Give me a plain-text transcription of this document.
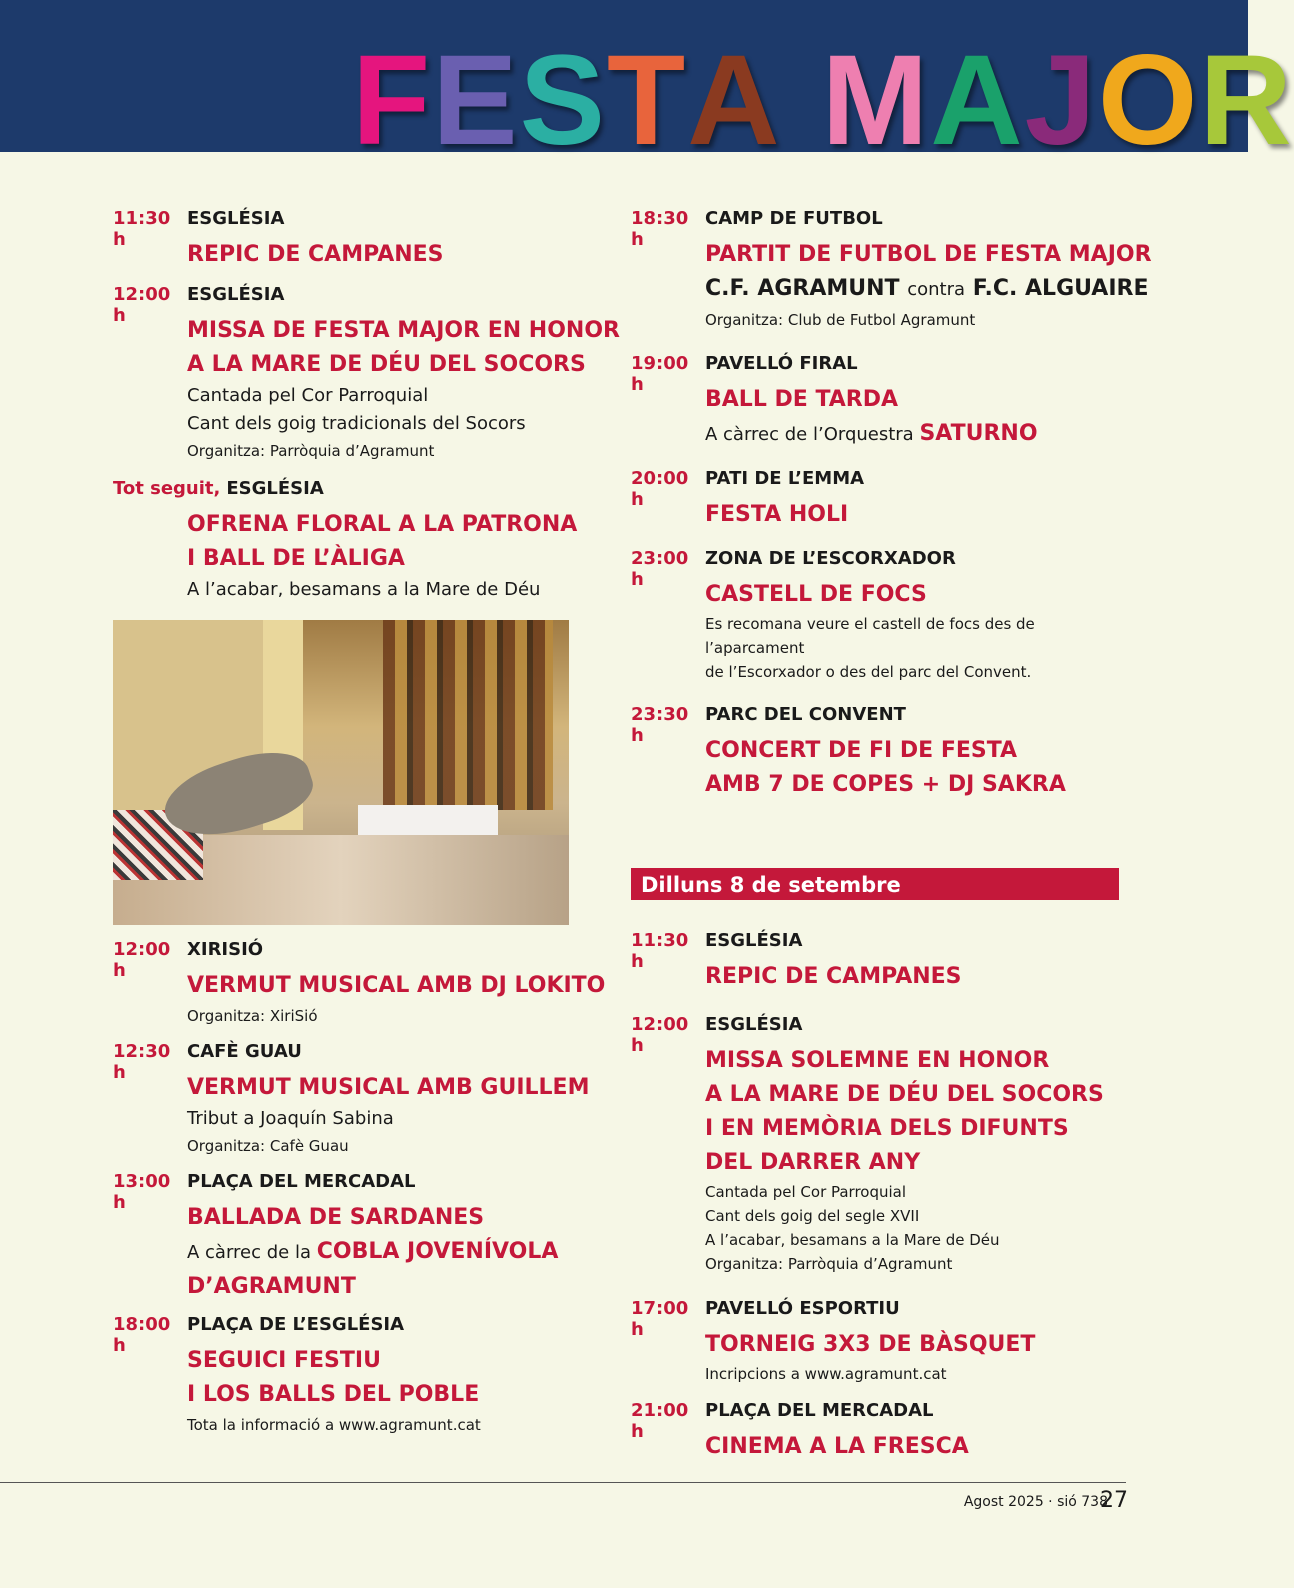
F E S T A M A J O R
11:30 h
ESGLÉSIA
REPIC DE CAMPANES
12:00 h
ESGLÉSIA
MISSA DE FESTA MAJOR EN HONOR
A LA MARE DE DÉU DEL SOCORS
Cantada pel Cor Parroquial
Cant dels goig tradicionals del Socors
Organitza: Parròquia d’Agramunt
Tot seguit, ESGLÉSIA
OFRENA FLORAL A LA PATRONA
I BALL DE L’ÀLIGA
A l’acabar, besamans a la Mare de Déu
12:00 h
XIRISIÓ
VERMUT MUSICAL AMB DJ LOKITO
Organitza: XiriSió
12:30 h
CAFÈ GUAU
VERMUT MUSICAL AMB GUILLEM
Tribut a Joaquín Sabina
Organitza: Cafè Guau
13:00 h
PLAÇA DEL MERCADAL
BALLADA DE SARDANES
A càrrec de la COBLA JOVENÍVOLA
D’AGRAMUNT
18:00 h
PLAÇA DE L’ESGLÉSIA
SEGUICI FESTIU
I LOS BALLS DEL POBLE
Tota la informació a www.agramunt.cat
18:30 h
CAMP DE FUTBOL
PARTIT DE FUTBOL DE FESTA MAJOR
C.F. AGRAMUNT contra F.C. ALGUAIRE
Organitza: Club de Futbol Agramunt
19:00 h
PAVELLÓ FIRAL
BALL DE TARDA
A càrrec de l’Orquestra SATURNO
20:00 h
PATI DE L’EMMA
FESTA HOLI
23:00 h
ZONA DE L’ESCORXADOR
CASTELL DE FOCS
Es recomana veure el castell de focs des de l’aparcament
de l’Escorxador o des del parc del Convent.
23:30 h
PARC DEL CONVENT
CONCERT DE FI DE FESTA
AMB 7 DE COPES + DJ SAKRA
Dilluns 8 de setembre
11:30 h
ESGLÉSIA
REPIC DE CAMPANES
12:00 h
ESGLÉSIA
MISSA SOLEMNE EN HONOR
A LA MARE DE DÉU DEL SOCORS
I EN MEMÒRIA DELS DIFUNTS
DEL DARRER ANY
Cantada pel Cor Parroquial
Cant dels goig del segle XVII
A l’acabar, besamans a la Mare de Déu
Organitza: Parròquia d’Agramunt
17:00 h
PAVELLÓ ESPORTIU
TORNEIG 3X3 DE BÀSQUET
Incripcions a www.agramunt.cat
21:00 h
PLAÇA DEL MERCADAL
CINEMA A LA FRESCA
Agost 2025 · sió 738
27
